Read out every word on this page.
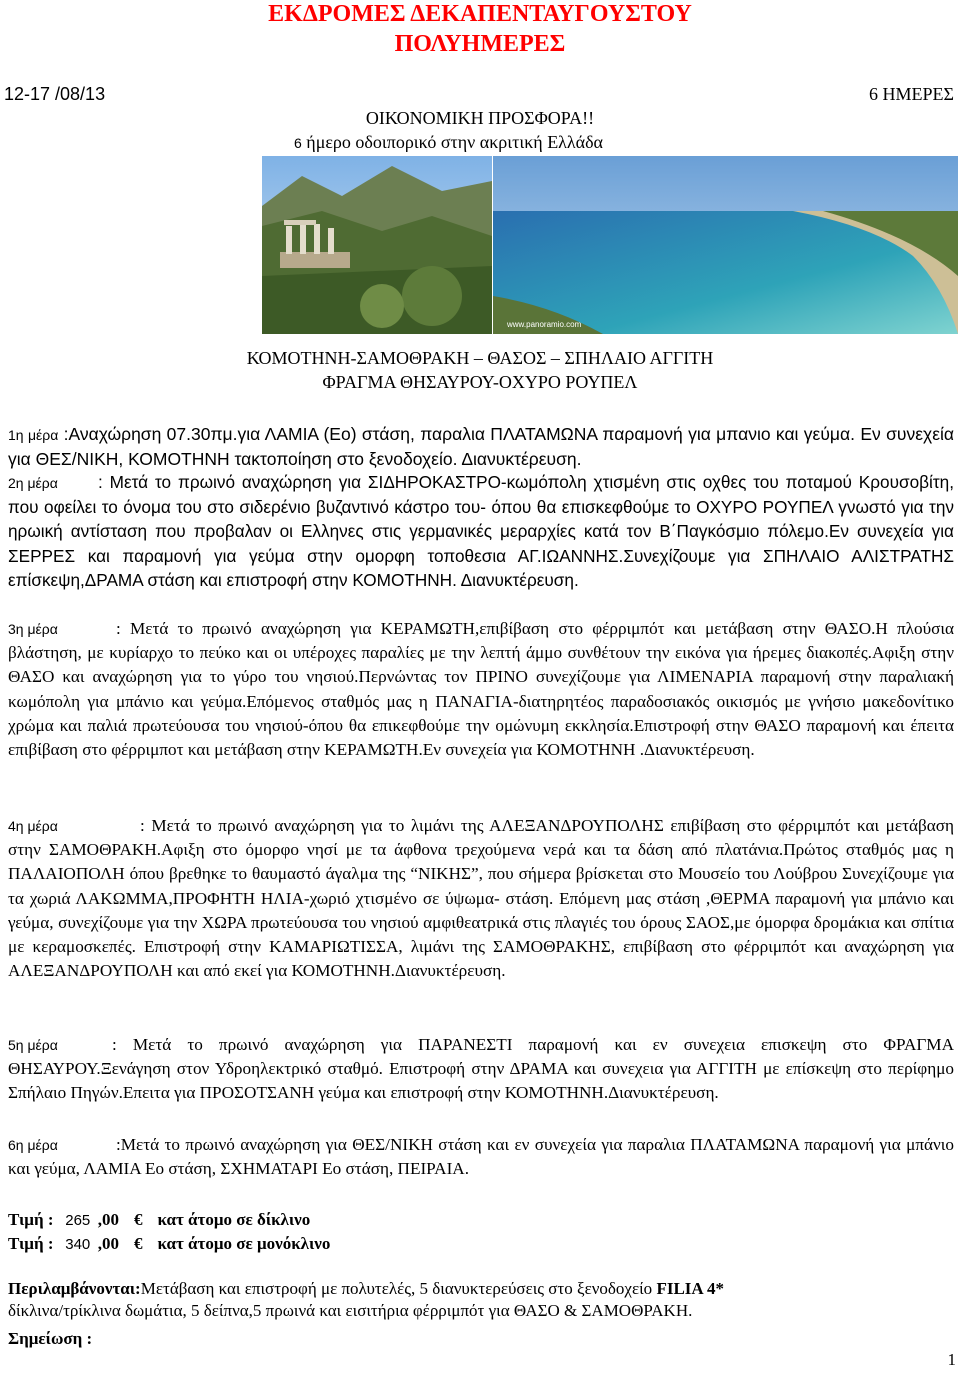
ΕΚΔΡΟΜΕΣ ΔΕΚΑΠΕΝΤΑΥΓΟΥΣΤΟΥ
ΠΟΛΥΗΜΕΡΕΣ
12-17 /08/13	6 ΗΜΕΡΕΣ
ΟΙΚΟΝΟΜΙΚΗ ΠΡΟΣΦΟΡΑ!!
6 ήμερο οδοιπορικό στην ακριτική Ελλάδα
www.panoramio.com
ΚΟΜΟΤΗΝΗ-ΣΑΜΟΘΡΑΚΗ – ΘΑΣΟΣ – ΣΠΗΛΑΙΟ ΑΓΓΙΤΗ
ΦΡΑΓΜΑ ΘΗΣΑΥΡΟΥ-ΟΧΥΡΟ ΡΟΥΠΕΛ
1η μέρα :Αναχώρηση 07.30πμ.για ΛΑΜΙΑ (Εο) στάση, παραλια ΠΛΑΤΑΜΩΝΑ παραμονή για μπανιο και γεύμα. Εν συνεχεία για ΘΕΣ/ΝΙΚΗ, ΚΟΜΟΤΗΝΗ τακτοποίηση στο ξενοδοχείο. Διανυκτέρευση.
2η μέρα : Μετά το πρωινό αναχώρηση για ΣΙΔΗΡΟΚΑΣΤΡΟ-κωμόπολη χτισμένη στις οχθες του ποταμού Κρουσοβίτη, που οφείλει το όνομα του στο σιδερένιο βυζαντινό κάστρο του- όπου θα επισκεφθούμε το ΟΧΥΡΟ ΡΟΥΠΕΛ γνωστό για την ηρωική αντίσταση που προβαλαν οι Ελληνες στις γερμανικές μεραρχίες κατά τον Β΄Παγκόσμιο πόλεμο.Εν συνεχεία για ΣΕΡΡΕΣ και παραμονή για γεύμα στην ομορφη τοποθεσια ΑΓ.ΙΩΑΝΝΗΣ.Συνεχίζουμε για ΣΠΗΛΑΙΟ ΑΛΙΣΤΡΑΤΗΣ επίσκεψη,ΔΡΑΜΑ στάση και επιστροφή στην ΚΟΜΟΤΗΝΗ. Διανυκτέρευση.
3η μέρα	: Μετά το πρωινό αναχώρηση για ΚΕΡΑΜΩΤΗ,επιβίβαση στο φέρριμπότ και μετάβαση στην ΘΑΣΟ.Η πλούσια βλάστηση, με κυρίαρχο το πεύκο και οι υπέροχες παραλίες με την λεπτή άμμο συνθέτουν την εικόνα για ήρεμες διακοπές.Αφιξη στην ΘΑΣΟ και αναχώρηση για το γύρο του νησιού.Περνώντας τον ΠΡΙΝΟ συνεχίζουμε για ΛΙΜΕΝΑΡΙΑ παραμονή στην παραλιακή κωμόπολη για μπάνιο και γεύμα.Επόμενος σταθμός μας η ΠΑΝΑΓΙΑ-διατηρητέος παραδοσιακός οικισμός με γνήσιο μακεδονίτικο χρώμα και παλιά πρωτεύουσα του νησιού-όπου θα επικεφθούμε την ομώνυμη εκκλησία.Επιστροφή στην ΘΑΣΟ παραμονή και έπειτα επιβίβαση στο φέρριμποτ και μετάβαση στην ΚΕΡΑΜΩΤΗ.Εν συνεχεία για ΚΟΜΟΤΗΝΗ .Διανυκτέρευση.
4η μέρα	: Μετά το πρωινό αναχώρηση για το λιμάνι της ΑΛΕΞΑΝΔΡΟΥΠΟΛΗΣ επιβίβαση στο φέρριμπότ και μετάβαση στην ΣΑΜΟΘΡΑΚΗ.Αφιξη στο όμορφο νησί με τα άφθονα τρεχούμενα νερά και τα δάση από πλατάνια.Πρώτος σταθμός μας η ΠΑΛΑΙΟΠΟΛΗ όπου βρεθηκε το θαυμαστό άγαλμα της “ΝΙΚΗΣ”, που σήμερα βρίσκεται στο Μουσείο του Λούβρου Συνεχίζουμε για τα χωριά ΛΑΚΩΜΜΑ,ΠΡΟΦΗΤΗ ΗΛΙΑ-χωριό χτισμένο σε ύψωμα- στάση. Επόμενη μας στάση ,ΘΕΡΜΑ παραμονή για μπάνιο και γεύμα, συνεχίζουμε για την ΧΩΡΑ πρωτεύουσα του νησιού αμφιθεατρικά στις πλαγιές του όρους ΣΑΟΣ,με όμορφα δρομάκια και σπίτια με κεραμοσκεπές. Επιστροφή στην ΚΑΜΑΡΙΩΤΙΣΣΑ, λιμάνι της ΣΑΜΟΘΡΑΚΗΣ, επιβίβαση στο φέρριμπότ και αναχώρηση για ΑΛΕΞΑΝΔΡΟΥΠΟΛΗ και από εκεί για ΚΟΜΟΤΗΝΗ.Διανυκτέρευση.
5η μέρα	: Μετά το πρωινό αναχώρηση για ΠΑΡΑΝΕΣΤΙ παραμονή και εν συνεχεια επισκεψη στο ΦΡΑΓΜΑ ΘΗΣΑΥΡΟΥ.Ξενάγηση στον Υδροηλεκτρικό σταθμό. Επιστροφή στην ΔΡΑΜΑ και συνεχεια για ΑΓΓΙΤΗ με επίσκεψη στο περίφημο Σπήλαιο Πηγών.Επειτα για ΠΡΟΣΟΤΣΑΝΗ γεύμα και επιστροφή στην ΚΟΜΟΤΗΝΗ.Διανυκτέρευση.
6η μέρα	:Μετά το πρωινό αναχώρηση για ΘΕΣ/ΝΙΚΗ στάση και εν συνεχεία για παραλια ΠΛΑΤΑΜΩΝΑ παραμονή για μπάνιο και γεύμα, ΛΑΜΙΑ Εο στάση, ΣΧΗΜΑΤΑΡΙ Εο στάση, ΠΕΙΡΑΙΑ.
Τιμή : 265 ,00 € κατ άτομο σε δίκλινο
Τιμή : 340 ,00 € κατ άτομο σε μονόκλινο
Περιλαμβάνονται:Μετάβαση και επιστροφή με πολυτελές, 5 διανυκτερεύσεις στο ξενοδοχείο FILIA 4*
δίκλινα/τρίκλινα δωμάτια, 5 δείπνα,5 πρωινά και εισιτήρια φέρριμπότ για ΘΑΣΟ & ΣΑΜΟΘΡΑΚΗ.
Σημείωση :
1
